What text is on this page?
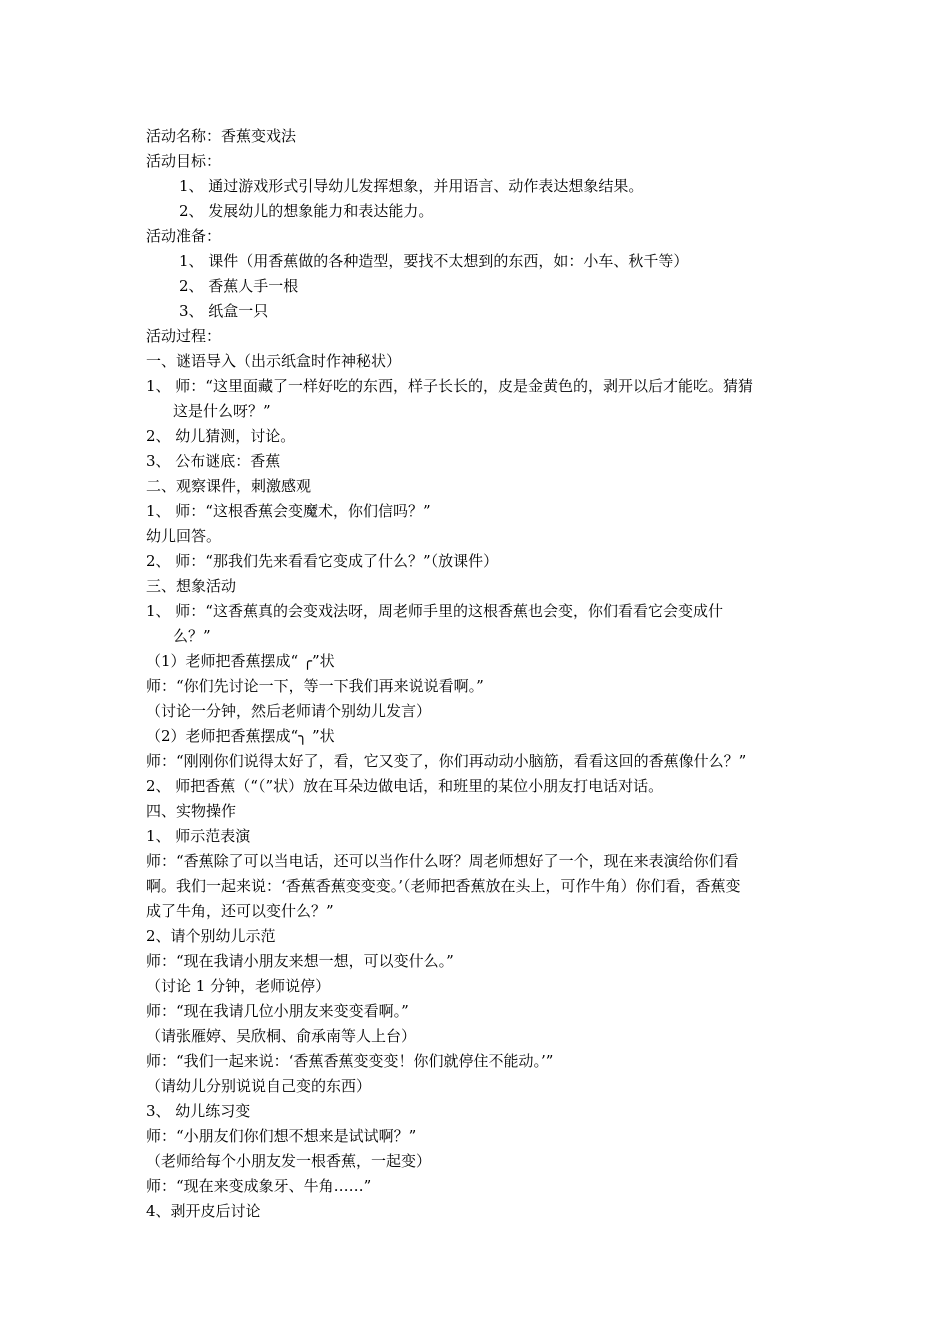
活动名称：香蕉变戏法
活动目标：
1、 通过游戏形式引导幼儿发挥想象，并用语言、动作表达想象结果。
2、 发展幼儿的想象能力和表达能力。
活动准备：
1、 课件（用香蕉做的各种造型，要找不太想到的东西，如：小车、秋千等）
2、 香蕉人手一根
3、 纸盒一只
活动过程：
一、谜语导入（出示纸盒时作神秘状）
1、 师：“这里面藏了一样好吃的东西，样子长长的，皮是金黄色的，剥开以后才能吃。猜猜
这是什么呀？”
2、 幼儿猜测，讨论。
3、 公布谜底：香蕉
二、观察课件，刺激感观
1、 师：“这根香蕉会变魔术，你们信吗？”
幼儿回答。
2、 师：“那我们先来看看它变成了什么？”（放课件）
三、想象活动
1、 师：“这香蕉真的会变戏法呀，周老师手里的这根香蕉也会变，你们看看它会变成什
么？”
（1）老师把香蕉摆成“ ╭”状
师：“你们先讨论一下，等一下我们再来说说看啊。”
（讨论一分钟，然后老师请个别幼儿发言）
（2）老师把香蕉摆成“╮ ”状
师：“刚刚你们说得太好了，看，它又变了，你们再动动小脑筋，看看这回的香蕉像什么？”
2、 师把香蕉（“（”状）放在耳朵边做电话，和班里的某位小朋友打电话对话。
四、实物操作
1、 师示范表演
师：“香蕉除了可以当电话，还可以当作什么呀？周老师想好了一个，现在来表演给你们看
啊。我们一起来说：‘香蕉香蕉变变变。’（老师把香蕉放在头上，可作牛角）你们看，香蕉变
成了牛角，还可以变什么？”
2、请个别幼儿示范
师：“现在我请小朋友来想一想，可以变什么。”
（讨论 1 分钟，老师说停）
师：“现在我请几位小朋友来变变看啊。”
（请张雁婷、吴欣桐、俞承南等人上台）
师：“我们一起来说：‘香蕉香蕉变变变！你们就停住不能动。’”
（请幼儿分别说说自己变的东西）
3、 幼儿练习变
师：“小朋友们你们想不想来是试试啊？”
（老师给每个小朋友发一根香蕉，一起变）
师：“现在来变成象牙、牛角……”
4、剥开皮后讨论
